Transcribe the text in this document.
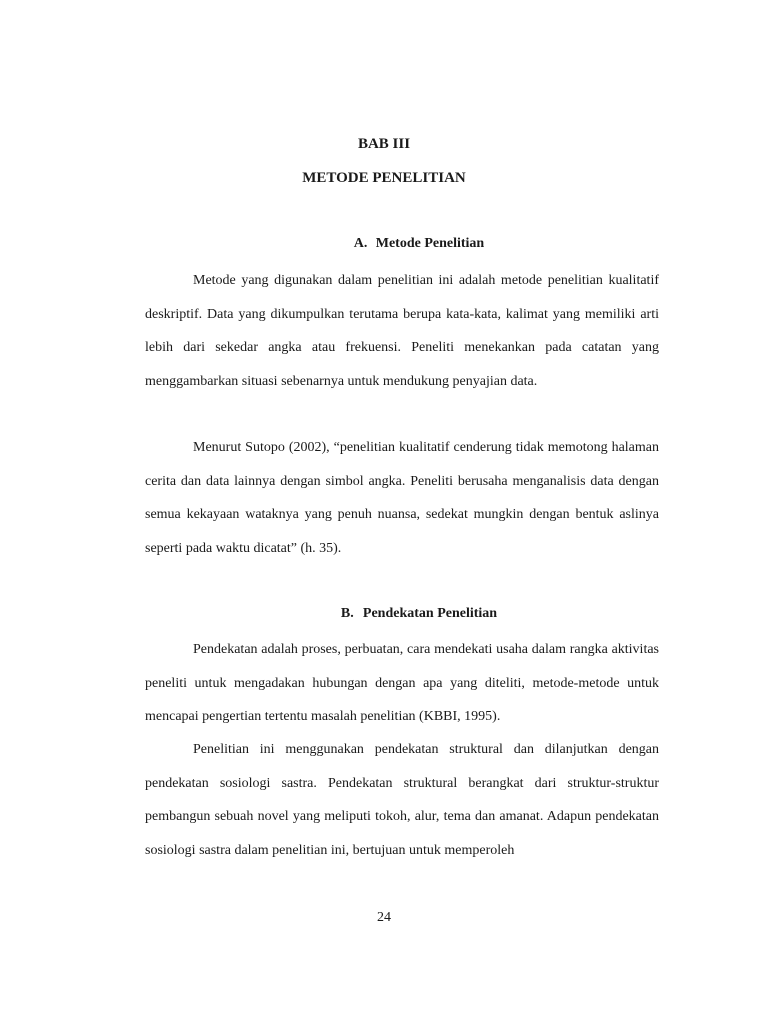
BAB III
METODE PENELITIAN
A. Metode Penelitian

Metode yang digunakan dalam penelitian ini adalah metode penelitian kualitatif deskriptif. Data yang dikumpulkan terutama berupa kata-kata, kalimat yang memiliki arti lebih dari sekedar angka atau frekuensi. Peneliti menekankan pada catatan yang menggambarkan situasi sebenarnya untuk mendukung penyajian data.

Menurut Sutopo (2002), “penelitian kualitatif cenderung tidak memotong halaman cerita dan data lainnya dengan simbol angka. Peneliti berusaha menganalisis data dengan semua kekayaan wataknya yang penuh nuansa, sedekat mungkin dengan bentuk aslinya seperti pada waktu dicatat” (h. 35).

B. Pendekatan Penelitian

Pendekatan adalah proses, perbuatan, cara mendekati usaha dalam rangka aktivitas peneliti untuk mengadakan hubungan dengan apa yang diteliti, metode-metode untuk mencapai pengertian tertentu masalah penelitian (KBBI, 1995).

Penelitian ini menggunakan pendekatan struktural dan dilanjutkan dengan pendekatan sosiologi sastra. Pendekatan struktural berangkat dari struktur-struktur pembangun sebuah novel yang meliputi tokoh, alur, tema dan amanat. Adapun pendekatan sosiologi sastra dalam penelitian ini, bertujuan untuk memperoleh

24
